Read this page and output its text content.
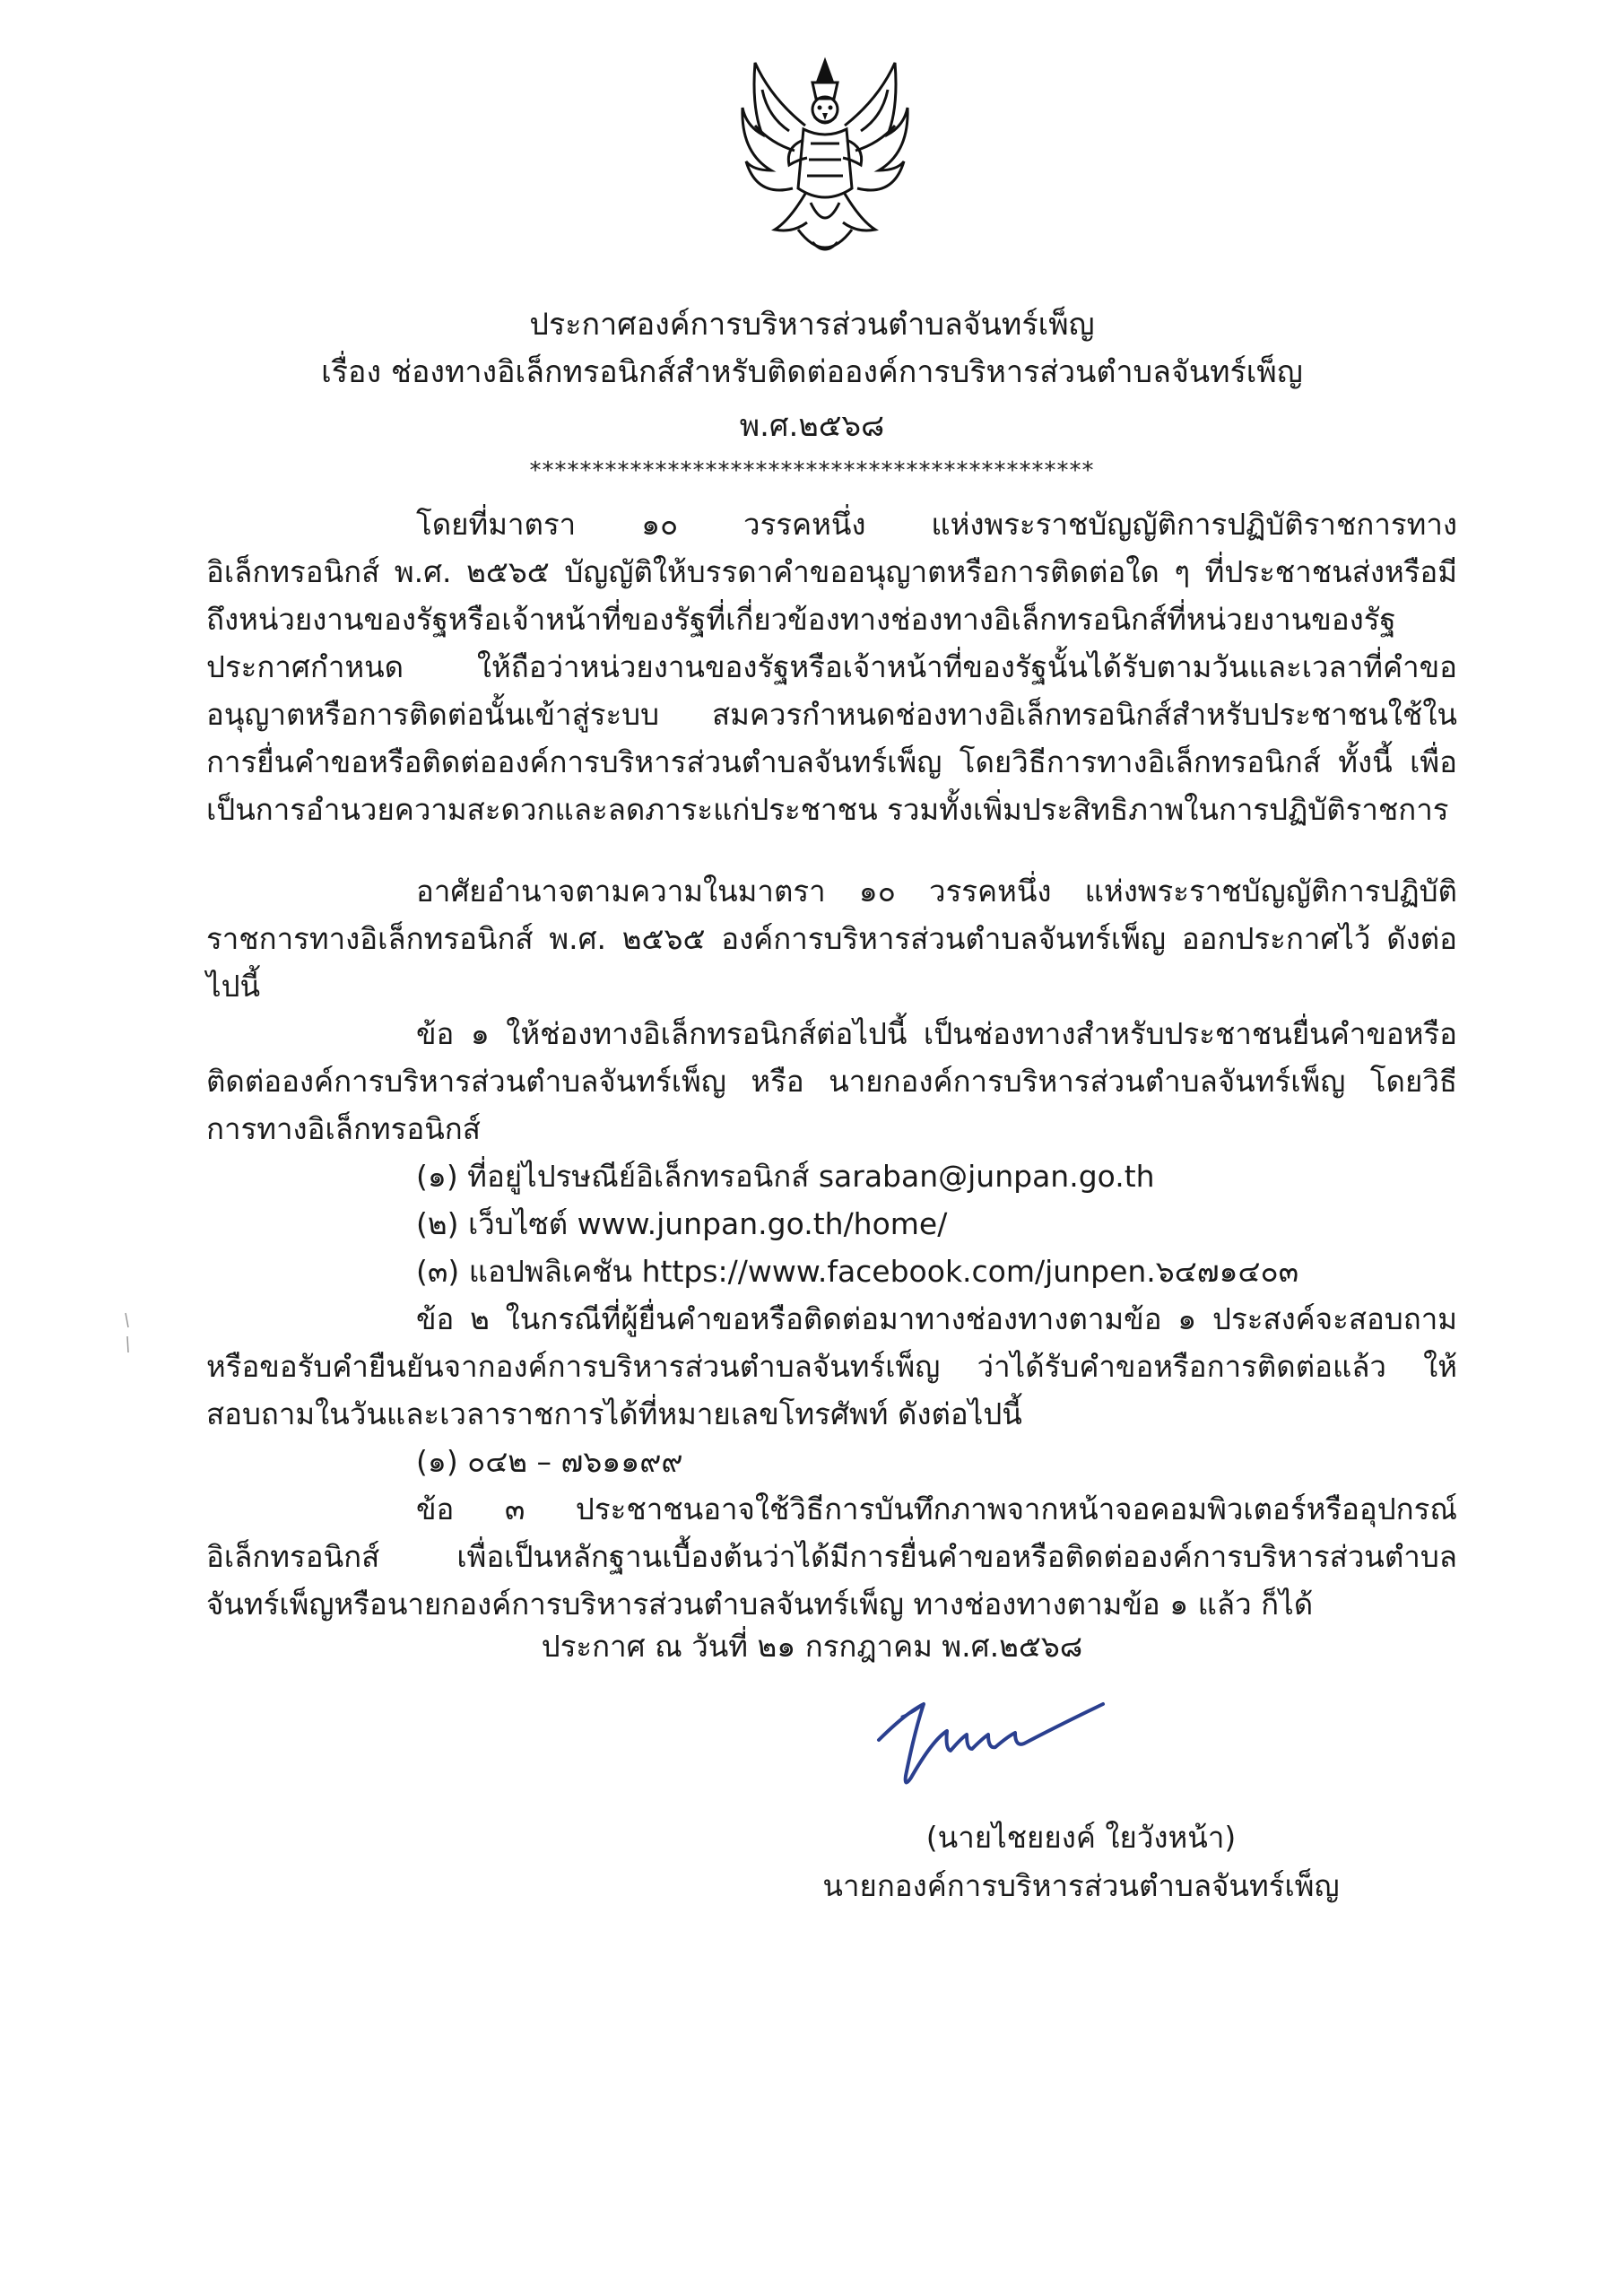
ประกาศองค์การบริหารส่วนตำบลจันทร์เพ็ญ
เรื่อง ช่องทางอิเล็กทรอนิกส์สำหรับติดต่อองค์การบริหารส่วนตำบลจันทร์เพ็ญ
พ.ศ.๒๕๖๘
*********************************************

โดยที่มาตรา ๑๐ วรรคหนึ่ง แห่งพระราชบัญญัติการปฏิบัติราชการทางอิเล็กทรอนิกส์ พ.ศ. ๒๕๖๕ บัญญัติให้บรรดาคำขออนุญาตหรือการติดต่อใด ๆ ที่ประชาชนส่งหรือมีถึงหน่วยงานของรัฐหรือเจ้าหน้าที่ของรัฐที่เกี่ยวข้องทางช่องทางอิเล็กทรอนิกส์ที่หน่วยงานของรัฐประกาศกำหนด ให้ถือว่าหน่วยงานของรัฐหรือเจ้าหน้าที่ของรัฐนั้นได้รับตามวันและเวลาที่คำขออนุญาตหรือการติดต่อนั้นเข้าสู่ระบบ สมควรกำหนดช่องทางอิเล็กทรอนิกส์สำหรับประชาชนใช้ในการยื่นคำขอหรือติดต่อองค์การบริหารส่วนตำบลจันทร์เพ็ญ โดยวิธีการทางอิเล็กทรอนิกส์ ทั้งนี้ เพื่อเป็นการอำนวยความสะดวกและลดภาระแก่ประชาชน รวมทั้งเพิ่มประสิทธิภาพในการปฏิบัติราชการ

อาศัยอำนาจตามความในมาตรา ๑๐ วรรคหนึ่ง แห่งพระราชบัญญัติการปฏิบัติราชการทางอิเล็กทรอนิกส์ พ.ศ. ๒๕๖๕ องค์การบริหารส่วนตำบลจันทร์เพ็ญ ออกประกาศไว้ ดังต่อไปนี้

ข้อ ๑ ให้ช่องทางอิเล็กทรอนิกส์ต่อไปนี้ เป็นช่องทางสำหรับประชาชนยื่นคำขอหรือติดต่อองค์การบริหารส่วนตำบลจันทร์เพ็ญ หรือ นายกองค์การบริหารส่วนตำบลจันทร์เพ็ญ โดยวิธีการทางอิเล็กทรอนิกส์

(๑) ที่อยู่ไปรษณีย์อิเล็กทรอนิกส์ saraban@junpan.go.th

(๒) เว็บไซต์ www.junpan.go.th/home/

(๓) แอปพลิเคชัน https://www.facebook.com/junpen.๖๔๗๑๔๐๓

ข้อ ๒ ในกรณีที่ผู้ยื่นคำขอหรือติดต่อมาทางช่องทางตามข้อ ๑ ประสงค์จะสอบถามหรือขอรับคำยืนยันจากองค์การบริหารส่วนตำบลจันทร์เพ็ญ ว่าได้รับคำขอหรือการติดต่อแล้ว ให้สอบถามในวันและเวลาราชการได้ที่หมายเลขโทรศัพท์ ดังต่อไปนี้

(๑) ๐๔๒ – ๗๖๑๑๙๙

ข้อ ๓ ประชาชนอาจใช้วิธีการบันทึกภาพจากหน้าจอคอมพิวเตอร์หรืออุปกรณ์อิเล็กทรอนิกส์ เพื่อเป็นหลักฐานเบื้องต้นว่าได้มีการยื่นคำขอหรือติดต่อองค์การบริหารส่วนตำบลจันทร์เพ็ญหรือนายกองค์การบริหารส่วนตำบลจันทร์เพ็ญ ทางช่องทางตามข้อ ๑ แล้ว ก็ได้

ประกาศ ณ วันที่ ๒๑ กรกฎาคม พ.ศ.๒๕๖๘
(นายไชยยงค์ ใยวังหน้า)
นายกองค์การบริหารส่วนตำบลจันทร์เพ็ญ
